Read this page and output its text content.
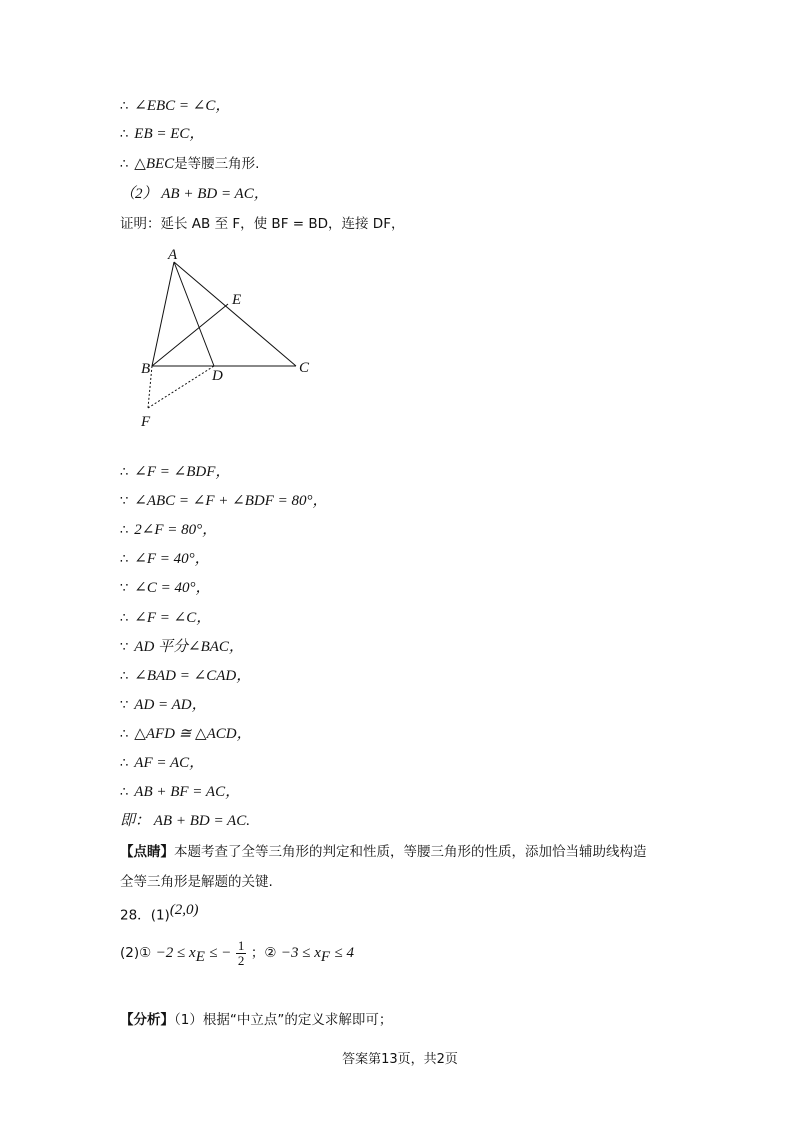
∴ ∠EBC = ∠C，
∴ EB = EC，
∴ △BEC是等腰三角形.
（2） AB + BD = AC，
证明：延长 AB 至 F，使 BF = BD，连接 DF，
A
E
B	D	C
F
∴ ∠F = ∠BDF，
∵ ∠ABC = ∠F + ∠BDF = 80°，
∴ 2∠F = 80°，
∴ ∠F = 40°，
∵ ∠C = 40°，
∴ ∠F = ∠C，
∵ AD 平分∠BAC，
∴ ∠BAD = ∠CAD，
∵ AD = AD，
∴ △AFD ≅ △ACD，
∴ AF = AC，
∴ AB + BF = AC，
即： AB + BD = AC.
【点睛】本题考查了全等三角形的判定和性质，等腰三角形的性质，添加恰当辅助线构造
全等三角形是解题的关键.
28．$(1)^{(2,0)}$
(2)① $-2 \le x_E$ ≤ − $\frac{1}{2}$ ；② $-3 \le x_F \le 4$
【分析】（1）根据“中立点”的定义求解即可；
答案第13页，共2页
